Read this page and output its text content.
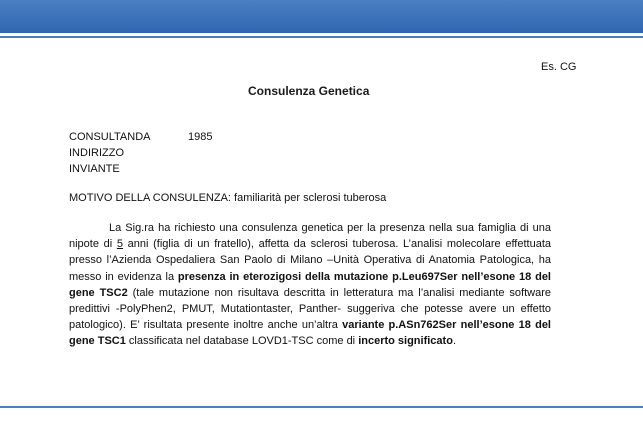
Es. CG
Consulenza Genetica
CONSULTANDA	1985
INDIRIZZO
INVIANTE
MOTIVO DELLA CONSULENZA: familiarità per sclerosi tuberosa
La Sig.ra ha richiesto una consulenza genetica per la presenza nella sua famiglia di una nipote di 5 anni (figlia di un fratello), affetta da sclerosi tuberosa. L’analisi molecolare effettuata presso l’Azienda Ospedaliera San Paolo di Milano –Unità Operativa di Anatomia Patologica, ha messo in evidenza la presenza in eterozigosi della mutazione p.Leu697Ser nell’esone 18 del gene TSC2 (tale mutazione non risultava descritta in letteratura ma l’analisi mediante software predittivi -PolyPhen2, PMUT, Mutationtaster, Panther- suggeriva che potesse avere un effetto patologico). E’ risultata presente inoltre anche un’altra variante p.ASn762Ser nell’esone 18 del gene TSC1 classificata nel database LOVD1-TSC come di incerto significato.
